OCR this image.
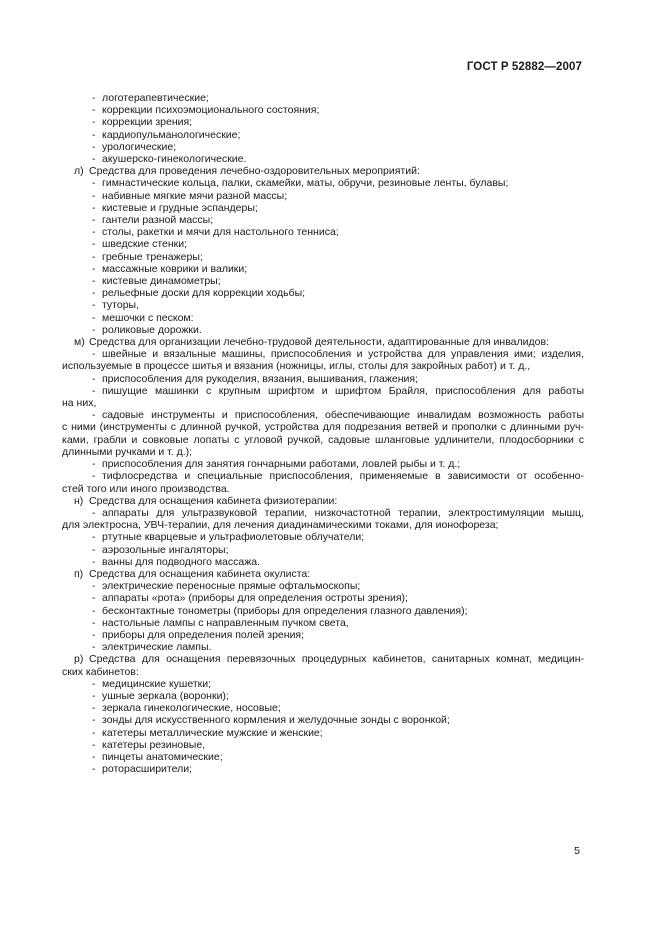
ГОСТ Р 52882—2007
- логотерапевтические;
- коррекции психоэмоционального состояния;
- коррекции зрения;
- кардиопульманологические;
- урологические;
- акушерско-гинекологические.
л) Средства для проведения лечебно-оздоровительных мероприятий:
- гимнастические кольца, палки, скамейки, маты, обручи, резиновые ленты, булавы;
- набивные мягкие мячи разной массы;
- кистевые и грудные эспандеры;
- гантели разной массы;
- столы, ракетки и мячи для настольного тенниса;
- шведские стенки;
- гребные тренажеры;
- массажные коврики и валики;
- кистевые динамометры;
- рельефные доски для коррекции ходьбы;
- туторы,
- мешочки с песком:
- роликовые дорожки.
м) Средства для организации лечебно-трудовой деятельности, адаптированные для инвалидов:
- швейные и вязальные машины, приспособления и устройства для управления ими; изделия,
используемые в процессе шитья и вязания (ножницы, иглы, столы для закройных работ) и т. д.,
- приспособления для рукоделия, вязания, вышивания, глажения;
- пишущие машинки с крупным шрифтом и шрифтом Брайля, приспособления для работы
на них,
- садовые инструменты и приспособления, обеспечивающие инвалидам возможность работы
с ними (инструменты с длинной ручкой, устройства для подрезания ветвей и прополки с длинными руч-
ками, грабли и совковые лопаты с угловой ручкой, садовые шланговые удлинители, плодосборники с
длинными ручками и т. д.);
- приспособления для занятия гончарными работами, ловлей рыбы и т. д.;
- тифлосредства и специальные приспособления, применяемые в зависимости от особенно-
стей того или иного производства.
н) Средства для оснащения кабинета физиотерапии:
- аппараты для ультразвуковой терапии, низкочастотной терапии, электростимуляции мышц,
для электросна, УВЧ-терапии, для лечения диадинамическими токами, для ионофореза;
- ртутные кварцевые и ультрафиолетовые облучатели;
- аэрозольные ингаляторы;
- ванны для подводного массажа.
п) Средства для оснащения кабинета окулиста:
- электрические переносные прямые офтальмоскопы;
- аппараты «рота» (приборы для определения остроты зрения);
- бесконтактные тонометры (приборы для определения глазного давления);
- настольные лампы с направленным пучком света,
- приборы для определения полей зрения;
- электрические лампы.
р) Средства для оснащения перевязочных процедурных кабинетов, санитарных комнат, медицин-
ских кабинетов:
- медицинские кушетки;
- ушные зеркала (воронки);
- зеркала гинекологические, носовые;
- зонды для искусственного кормления и желудочные зонды с воронкой;
- катетеры металлические мужские и женские;
- катетеры резиновые,
- пинцеты анатомические;
- роторасширители;
5
